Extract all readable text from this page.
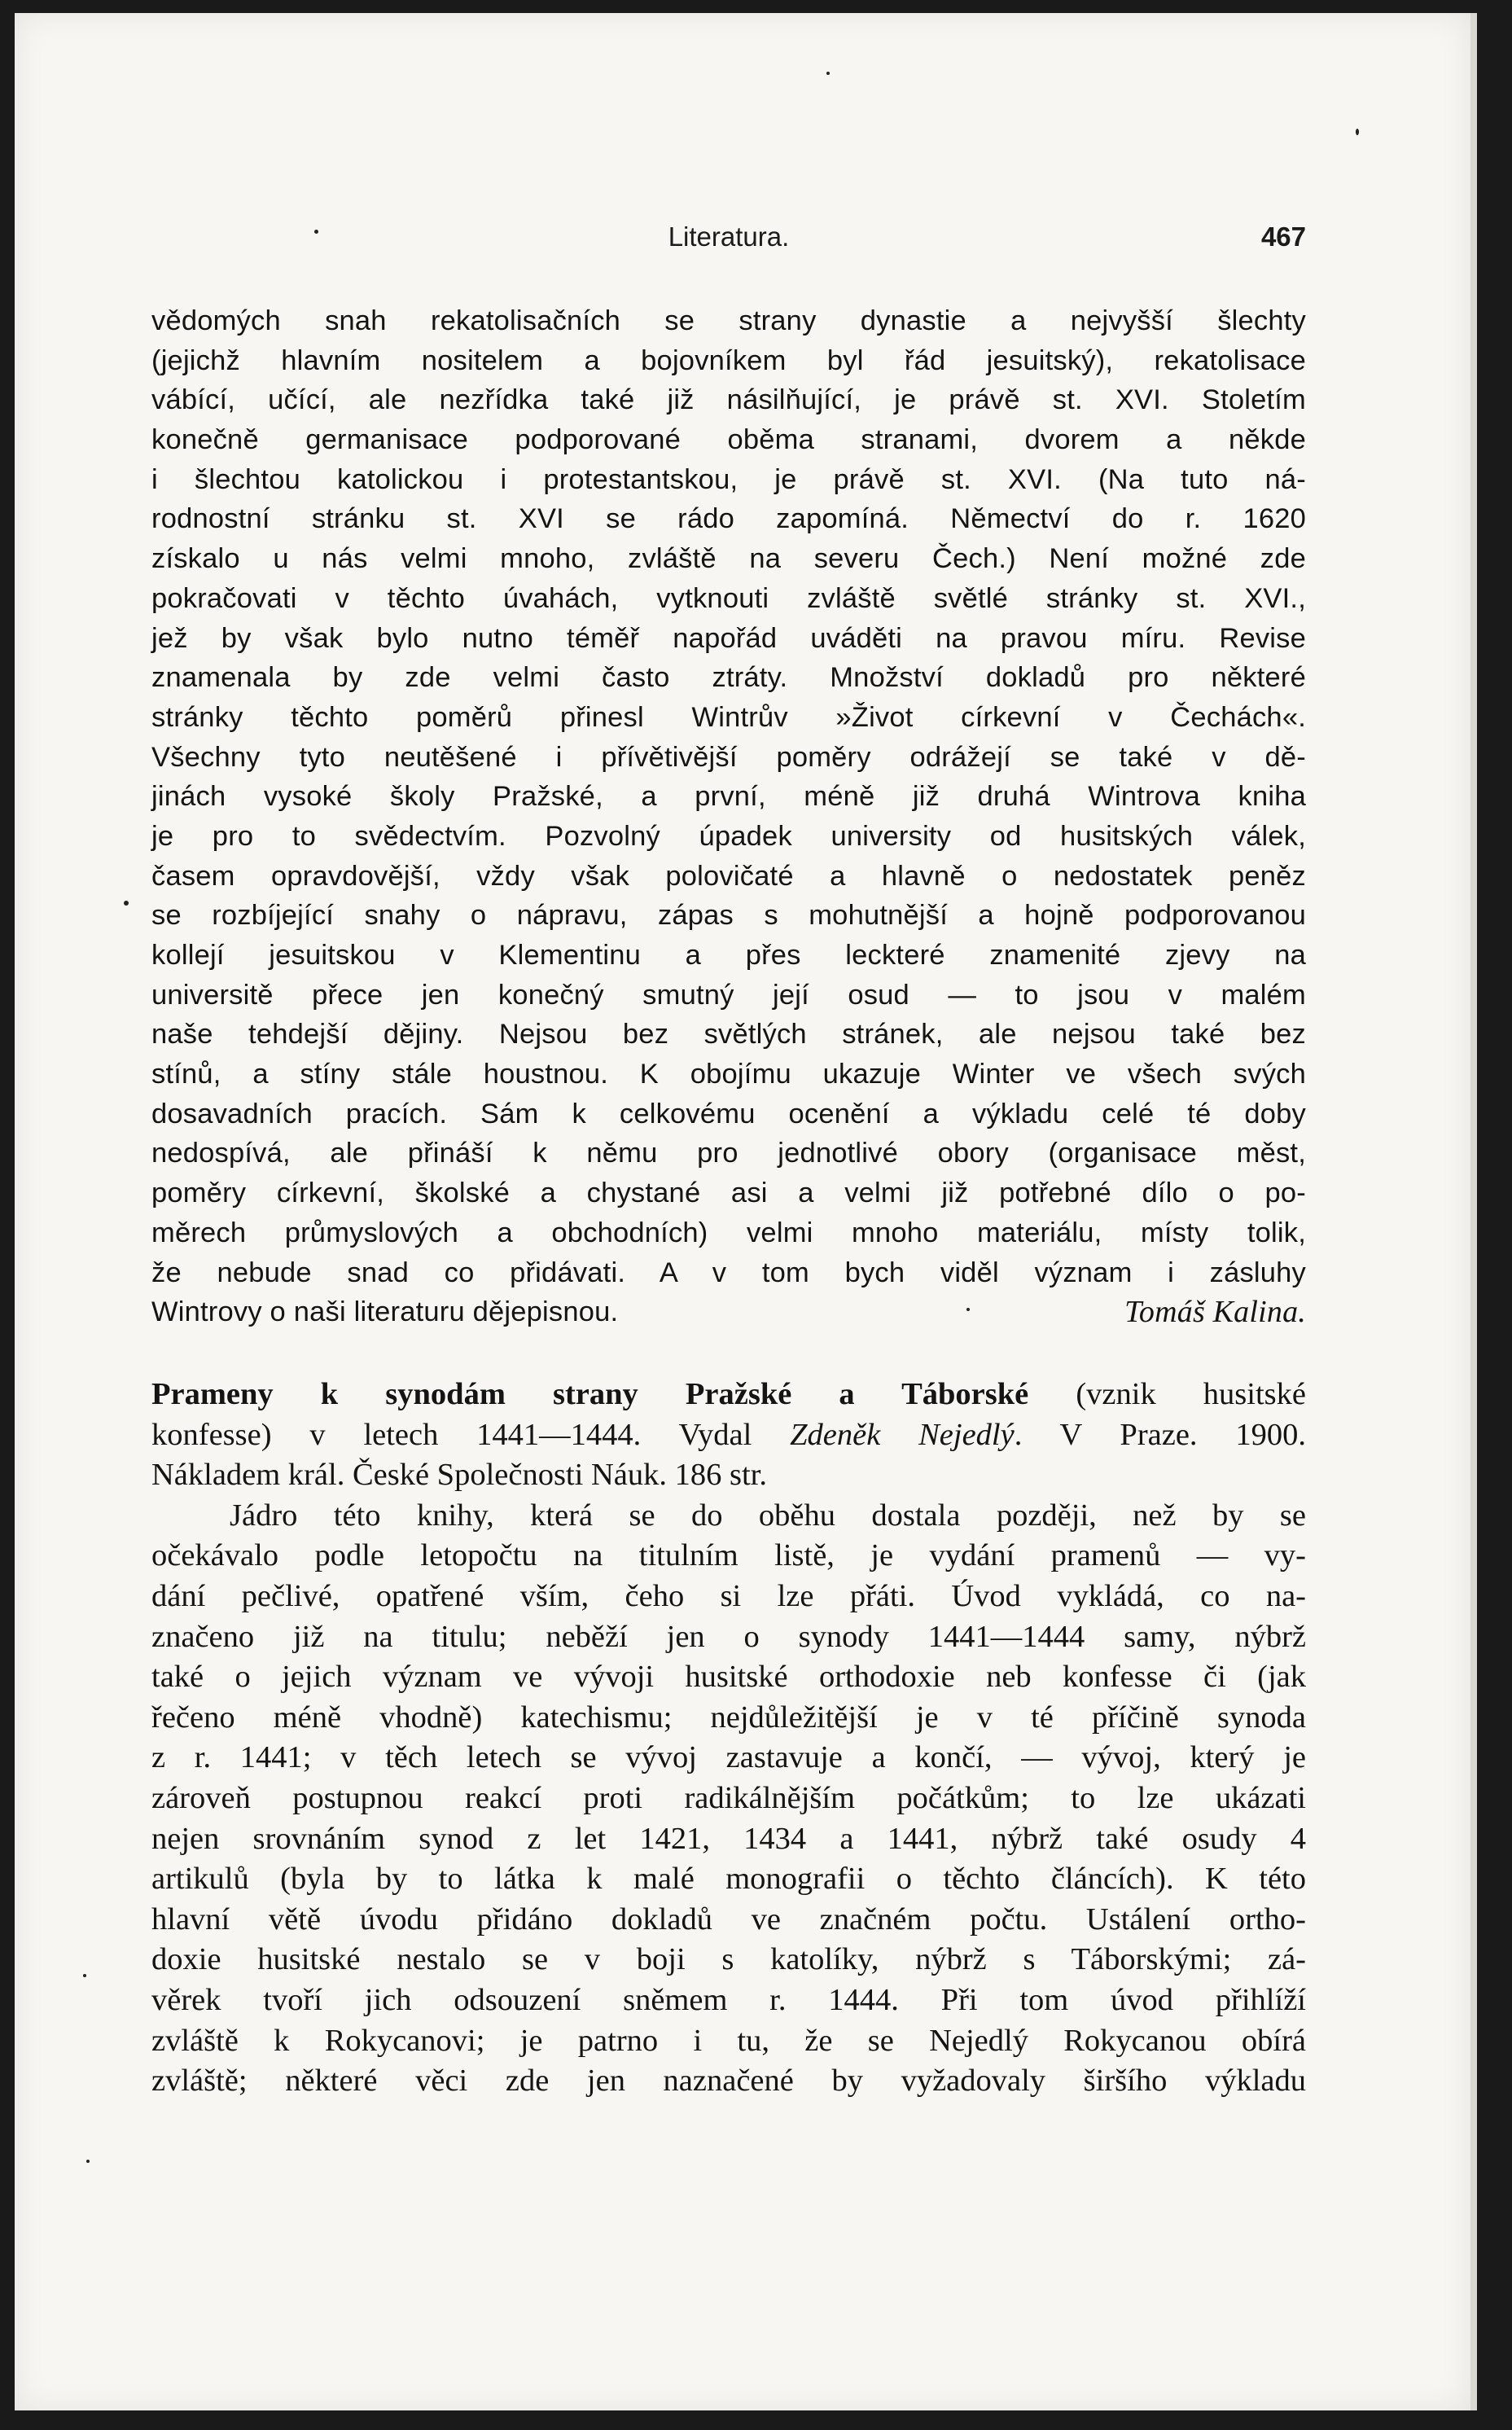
Literatura.	467
vědomých snah rekatolisačních se strany dynastie a nejvyšší šlechty
(jejichž hlavním nositelem a bojovníkem byl řád jesuitský), rekatolisace
vábící, učící, ale nezřídka také již násilňující, je právě st. XVI. Stoletím
konečně germanisace podporované oběma stranami, dvorem a někde
i šlechtou katolickou i protestantskou, je právě st. XVI. (Na tuto ná-
rodnostní stránku st. XVI se rádo zapomíná. Němectví do r. 1620
získalo u nás velmi mnoho, zvláště na severu Čech.) Není možné zde
pokračovati v těchto úvahách, vytknouti zvláště světlé stránky st. XVI.,
jež by však bylo nutno téměř napořád uváděti na pravou míru. Revise
znamenala by zde velmi často ztráty. Množství dokladů pro některé
stránky těchto poměrů přinesl Wintrův »Život církevní v Čechách«.
Všechny tyto neutěšené i přívětivější poměry odrážejí se také v dě-
jinách vysoké školy Pražské, a první, méně již druhá Wintrova kniha
je pro to svědectvím. Pozvolný úpadek university od husitských válek,
časem opravdovější, vždy však polovičaté a hlavně o nedostatek peněz
se rozbíjející snahy o nápravu, zápas s mohutnější a hojně podporovanou
kollejí jesuitskou v Klementinu a přes leckteré znamenité zjevy na
universitě přece jen konečný smutný její osud — to jsou v malém
naše tehdejší dějiny. Nejsou bez světlých stránek, ale nejsou také bez
stínů, a stíny stále houstnou. K obojímu ukazuje Winter ve všech svých
dosavadních pracích. Sám k celkovému ocenění a výkladu celé té doby
nedospívá, ale přináší k němu pro jednotlivé obory (organisace měst,
poměry církevní, školské a chystané asi a velmi již potřebné dílo o po-
měrech průmyslových a obchodních) velmi mnoho materiálu, místy tolik,
že nebude snad co přidávati. A v tom bych viděl význam i zásluhy
Wintrovy o naši literaturu dějepisnou.	Tomáš Kalina.
Prameny k synodám strany Pražské a Táborské (vznik husitské
konfesse) v letech 1441—1444. Vydal Zdeněk Nejedlý. V Praze. 1900.
Nákladem král. České Společnosti Náuk. 186 str.
Jádro této knihy, která se do oběhu dostala později, než by se
očekávalo podle letopočtu na titulním listě, je vydání pramenů — vy-
dání pečlivé, opatřené vším, čeho si lze přáti. Úvod vykládá, co na-
značeno již na titulu; neběží jen o synody 1441—1444 samy, nýbrž
také o jejich význam ve vývoji husitské orthodoxie neb konfesse či (jak
řečeno méně vhodně) katechismu; nejdůležitější je v té příčině synoda
z r. 1441; v těch letech se vývoj zastavuje a končí, — vývoj, který je
zároveň postupnou reakcí proti radikálnějším počátkům; to lze ukázati
nejen srovnáním synod z let 1421, 1434 a 1441, nýbrž také osudy 4
artikulů (byla by to látka k malé monografii o těchto článcích). K této
hlavní větě úvodu přidáno dokladů ve značném počtu. Ustálení ortho-
doxie husitské nestalo se v boji s katolíky, nýbrž s Táborskými; zá-
věrek tvoří jich odsouzení sněmem r. 1444. Při tom úvod přihlíží
zvláště k Rokycanovi; je patrno i tu, že se Nejedlý Rokycanou obírá
zvláště; některé věci zde jen naznačené by vyžadovaly širšího výkladu
